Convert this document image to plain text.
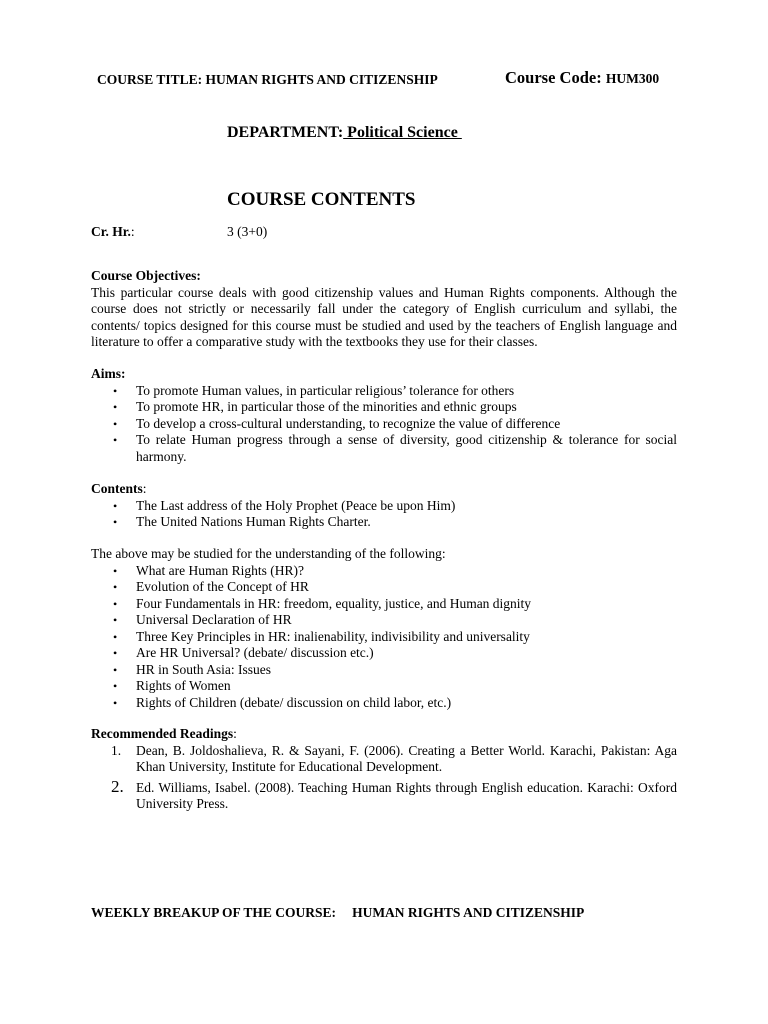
COURSE TITLE: HUMAN RIGHTS AND CITIZENSHIP	Course Code: HUM300
DEPARTMENT: Political Science
COURSE CONTENTS
Cr. Hr.:	3 (3+0)
Course Objectives:

This particular course deals with good citizenship values and Human Rights components. Although the course does not strictly or necessarily fall under the category of English curriculum and syllabi, the contents/ topics designed for this course must be studied and used by the teachers of English language and literature to offer a comparative study with the textbooks they use for their classes.

Aims:
• To promote Human values, in particular religious’ tolerance for others
• To promote HR, in particular those of the minorities and ethnic groups
• To develop a cross-cultural understanding, to recognize the value of difference
• To relate Human progress through a sense of diversity, good citizenship & tolerance for social harmony.
Contents:
• The Last address of the Holy Prophet (Peace be upon Him)
• The United Nations Human Rights Charter.
The above may be studied for the understanding of the following:
• What are Human Rights (HR)?
• Evolution of the Concept of HR
• Four Fundamentals in HR: freedom, equality, justice, and Human dignity
• Universal Declaration of HR
• Three Key Principles in HR: inalienability, indivisibility and universality
• Are HR Universal? (debate/ discussion etc.)
• HR in South Asia: Issues
• Rights of Women
• Rights of Children (debate/ discussion on child labor, etc.)
Recommended Readings:
1. Dean, B. Joldoshalieva, R. & Sayani, F. (2006). Creating a Better World. Karachi, Pakistan: Aga Khan University, Institute for Educational Development.
2. Ed. Williams, Isabel. (2008). Teaching Human Rights through English education. Karachi: Oxford University Press.
WEEKLY BREAKUP OF THE COURSE: HUMAN RIGHTS AND CITIZENSHIP
